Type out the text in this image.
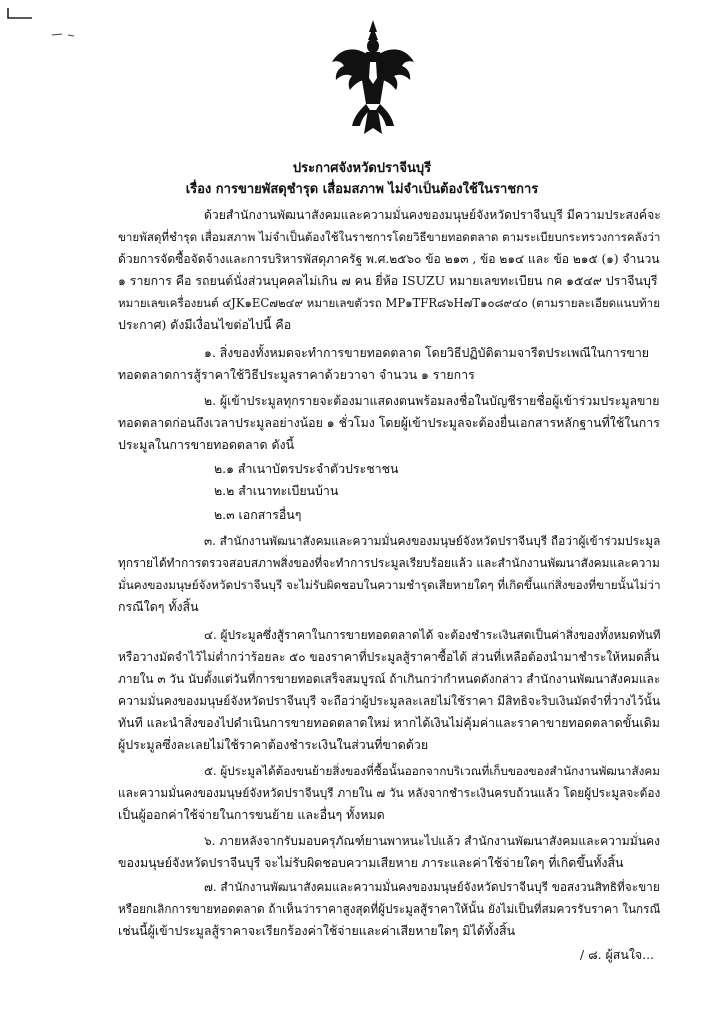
ประกาศจังหวัดปราจีนบุรี
เรื่อง การขายพัสดุชำรุด เสื่อมสภาพ ไม่จำเป็นต้องใช้ในราชการ
ด้วยสำนักงานพัฒนาสังคมและความมั่นคงของมนุษย์จังหวัดปราจีนบุรี มีความประสงค์จะ
ขายพัสดุที่ชำรุด เสื่อมสภาพ ไม่จำเป็นต้องใช้ในราชการโดยวิธีขายทอดตลาด ตามระเบียบกระทรวงการคลังว่า
ด้วยการจัดซื้อจัดจ้างและการบริหารพัสดุภาครัฐ พ.ศ.๒๕๖๐ ข้อ ๒๑๓ , ข้อ ๒๑๔ และ ข้อ ๒๑๕ (๑) จำนวน
๑ รายการ คือ รถยนต์นั่งส่วนบุคคลไม่เกิน ๗ คน ยี่ห้อ ISUZU หมายเลขทะเบียน กค ๑๕๔๙ ปราจีนบุรี
หมายเลขเครื่องยนต์ ๔JK๑EC๗๒๔๙ หมายเลขตัวรถ MP๑TFR๘๖H๗T๑๐๘๙๔๐ (ตามรายละเอียดแนบท้าย
ประกาศ) ดังมีเงื่อนไขต่อไปนี้ คือ
๑. สิ่งของทั้งหมดจะทำการขายทอดตลาด โดยวิธีปฏิบัติตามจารีตประเพณีในการขาย
ทอดตลาดการสู้ราคาใช้วิธีประมูลราคาด้วยวาจา จำนวน ๑ รายการ
๒. ผู้เข้าประมูลทุกรายจะต้องมาแสดงตนพร้อมลงชื่อในบัญชีรายชื่อผู้เข้าร่วมประมูลขาย
ทอดตลาดก่อนถึงเวลาประมูลอย่างน้อย ๑ ชั่วโมง โดยผู้เข้าประมูลจะต้องยื่นเอกสารหลักฐานที่ใช้ในการ
ประมูลในการขายทอดตลาด ดังนี้
๒.๑ สำเนาบัตรประจำตัวประชาชน
๒.๒ สำเนาทะเบียนบ้าน
๒.๓ เอกสารอื่นๆ
๓. สำนักงานพัฒนาสังคมและความมั่นคงของมนุษย์จังหวัดปราจีนบุรี ถือว่าผู้เข้าร่วมประมูล
ทุกรายได้ทำการตรวจสอบสภาพสิ่งของที่จะทำการประมูลเรียบร้อยแล้ว และสำนักงานพัฒนาสังคมและความ
มั่นคงของมนุษย์จังหวัดปราจีนบุรี จะไม่รับผิดชอบในความชำรุดเสียหายใดๆ ที่เกิดขึ้นแก่สิ่งของที่ขายนั้นไม่ว่า
กรณีใดๆ ทั้งสิ้น
๔. ผู้ประมูลซึ่งสู้ราคาในการขายทอดตลาดได้ จะต้องชำระเงินสดเป็นค่าสิ่งของทั้งหมดทันที
หรือวางมัดจำไว้ไม่ต่ำกว่าร้อยละ ๕๐ ของราคาที่ประมูลสู้ราคาซื้อได้ ส่วนที่เหลือต้องนำมาชำระให้หมดสิ้น
ภายใน ๓ วัน นับตั้งแต่วันที่การขายทอดเสร็จสมบูรณ์ ถ้าเกินกว่ากำหนดดังกล่าว สำนักงานพัฒนาสังคมและ
ความมั่นคงของมนุษย์จังหวัดปราจีนบุรี จะถือว่าผู้ประมูลละเลยไม่ใช้ราคา มีสิทธิจะริบเงินมัดจำที่วางไว้นั้น
ทันที และนำสิ่งของไปดำเนินการขายทอดตลาดใหม่ หากได้เงินไม่คุ้มค่าและราคาขายทอดตลาดขั้นเดิม
ผู้ประมูลซึ่งละเลยไม่ใช้ราคาต้องชำระเงินในส่วนที่ขาดด้วย
๕. ผู้ประมูลได้ต้องขนย้ายสิ่งของที่ซื้อนั้นออกจากบริเวณที่เก็บของของสำนักงานพัฒนาสังคม
และความมั่นคงของมนุษย์จังหวัดปราจีนบุรี ภายใน ๗ วัน หลังจากชำระเงินครบถ้วนแล้ว โดยผู้ประมูลจะต้อง
เป็นผู้ออกค่าใช้จ่ายในการขนย้าย และอื่นๆ ทั้งหมด
๖. ภายหลังจากรับมอบครุภัณฑ์ยานพาหนะไปแล้ว สำนักงานพัฒนาสังคมและความมั่นคง
ของมนุษย์จังหวัดปราจีนบุรี จะไม่รับผิดชอบความเสียหาย ภาระและค่าใช้จ่ายใดๆ ที่เกิดขึ้นทั้งสิ้น
๗. สำนักงานพัฒนาสังคมและความมั่นคงของมนุษย์จังหวัดปราจีนบุรี ขอสงวนสิทธิที่จะขาย
หรือยกเลิกการขายทอดตลาด ถ้าเห็นว่าราคาสูงสุดที่ผู้ประมูลสู้ราคาให้นั้น ยังไม่เป็นที่สมควรรับราคา ในกรณี
เช่นนี้ผู้เข้าประมูลสู้ราคาจะเรียกร้องค่าใช้จ่ายและค่าเสียหายใดๆ มิได้ทั้งสิ้น
/ ๘. ผู้สนใจ...
